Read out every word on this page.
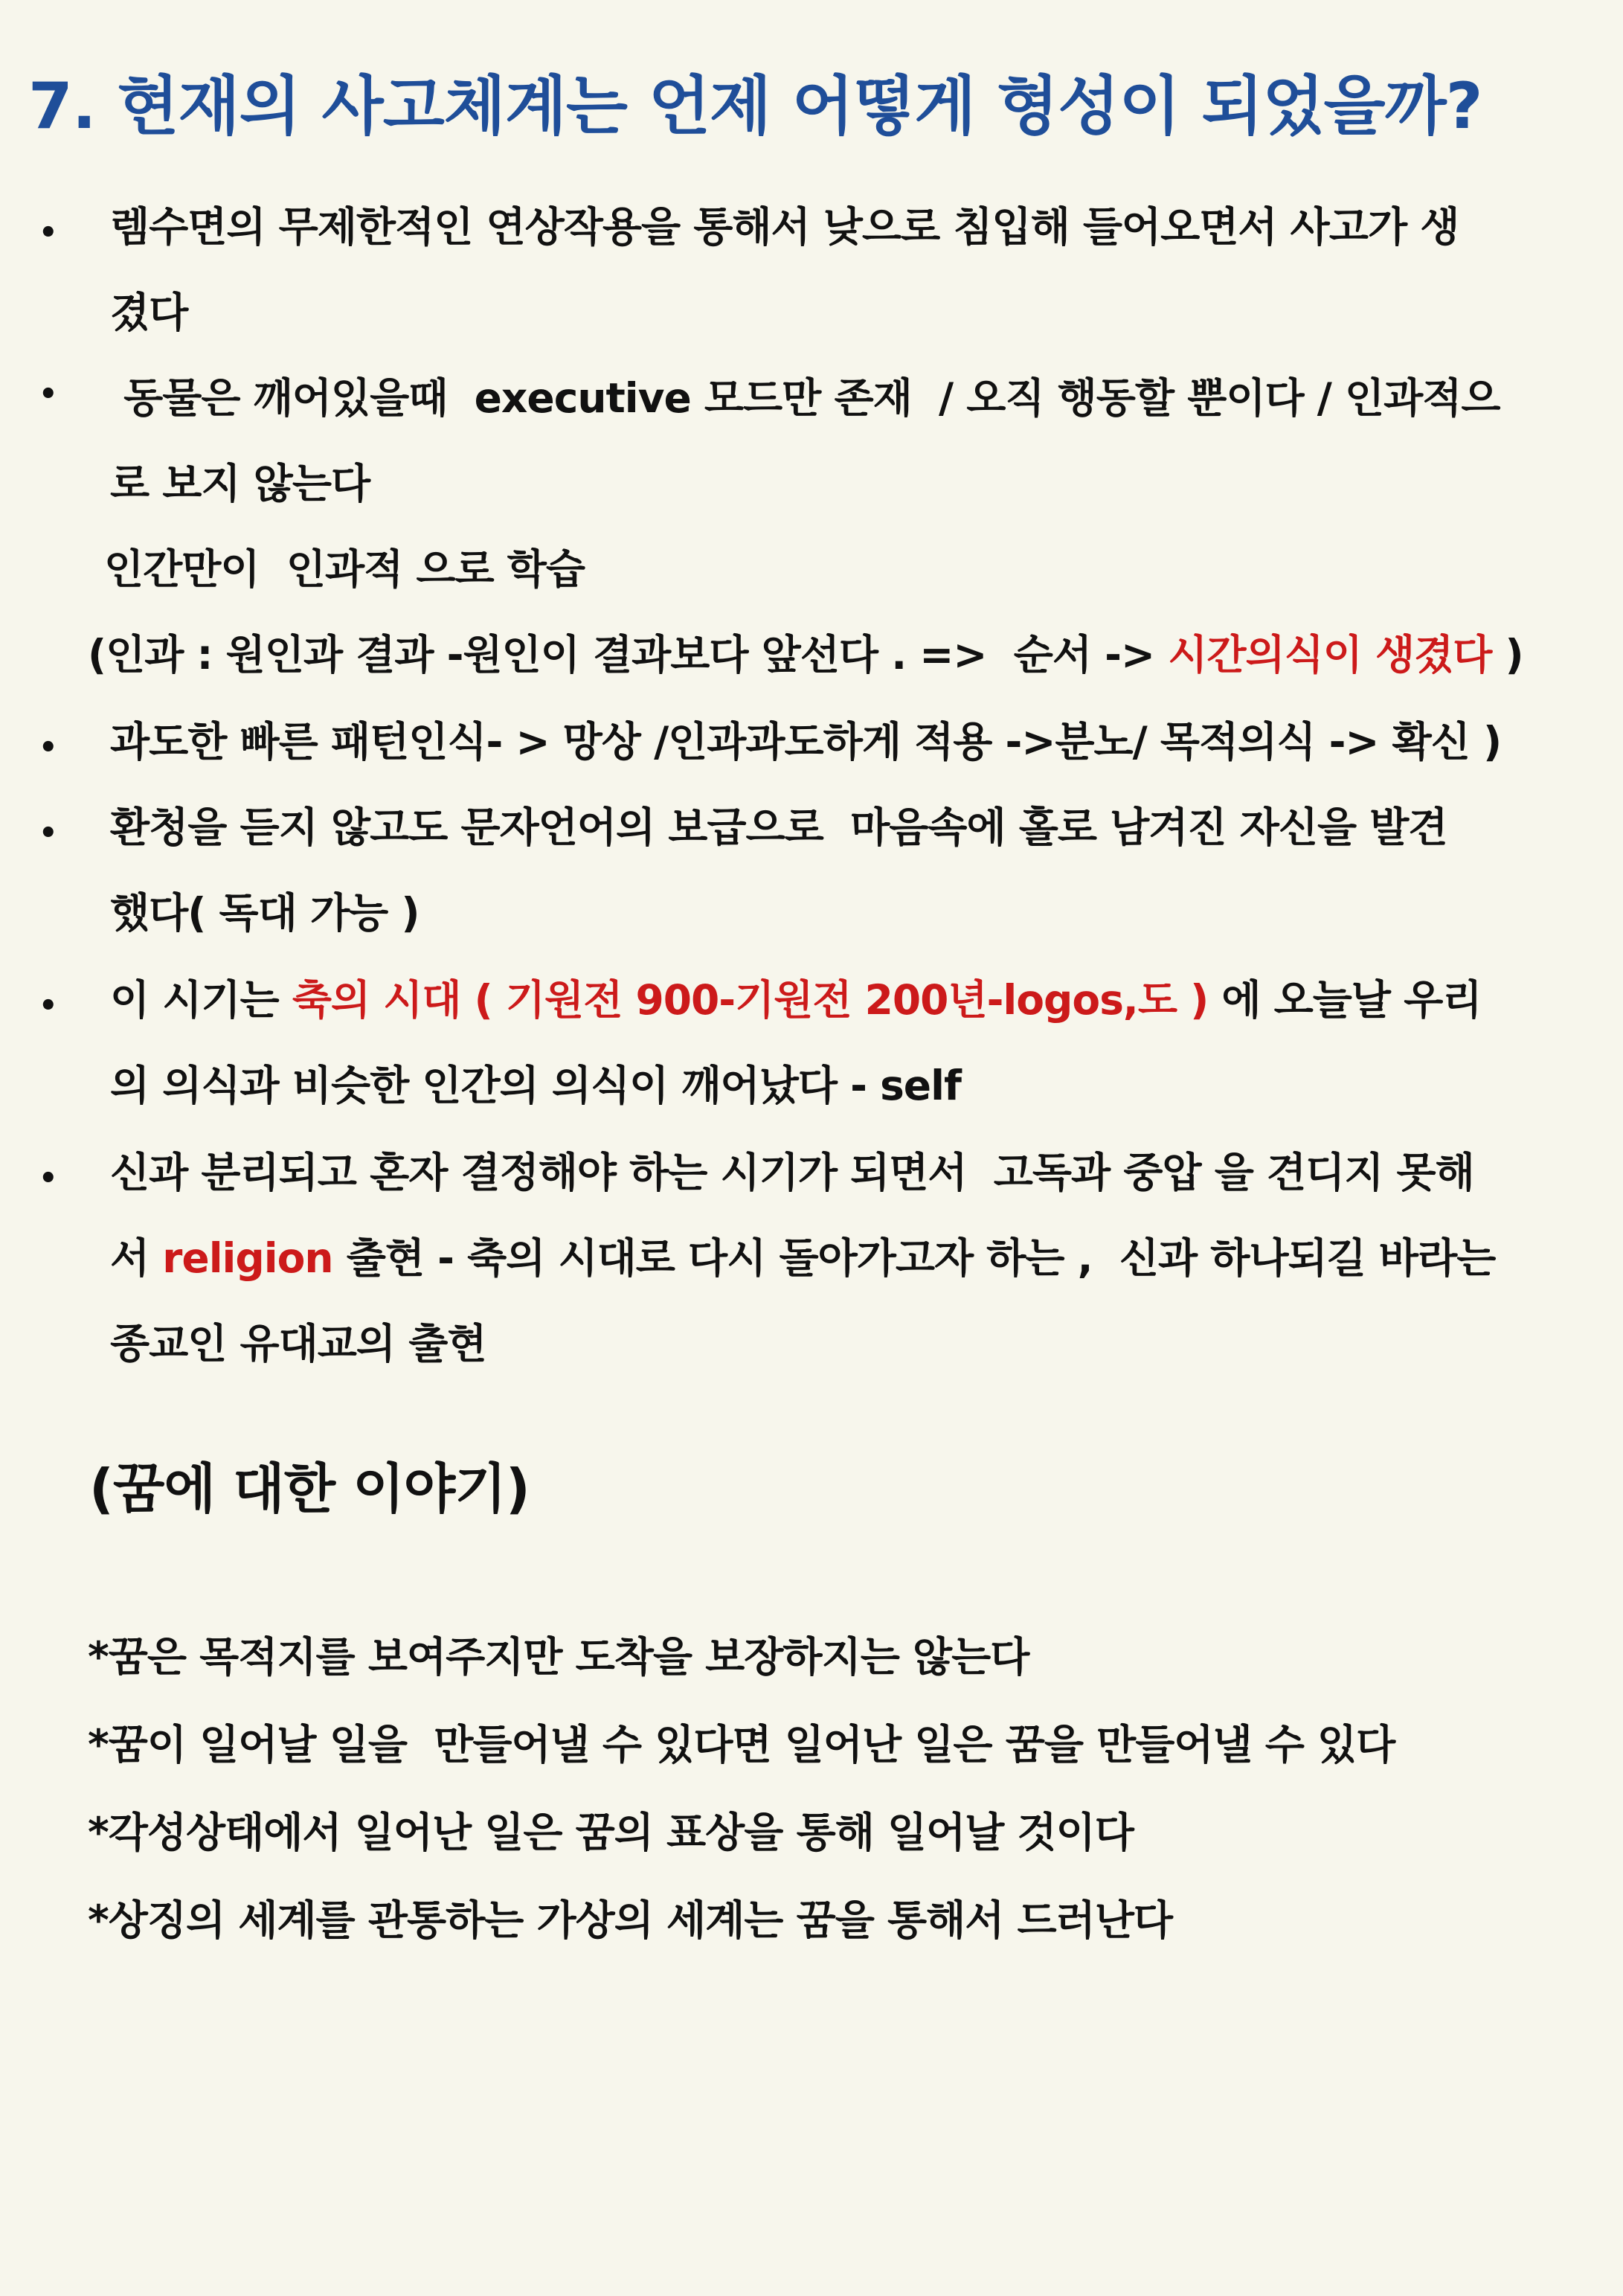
7. 현재의 사고체계는 언제 어떻게 형성이 되었을까?
• 렘수면의 무제한적인 연상작용을 통해서 낮으로 침입해 들어오면서 사고가 생
겼다
• 동물은 깨어있을때  executive 모드만 존재  / 오직 행동할 뿐이다 / 인과적으
로 보지 않는다
인간만이  인과적 으로 학습
(인과 : 원인과 결과 -원인이 결과보다 앞선다 . =>  순서 -> 시간의식이 생겼다 )
• 과도한 빠른 패턴인식- > 망상 /인과과도하게 적용 ->분노/ 목적의식 -> 확신 )
• 환청을 듣지 않고도 문자언어의 보급으로  마음속에 홀로 남겨진 자신을 발견
했다( 독대 가능 )
• 이 시기는 축의 시대 ( 기원전 900-기원전 200년-logos,도 ) 에 오늘날 우리
의 의식과 비슷한 인간의 의식이 깨어났다 - self
• 신과 분리되고 혼자 결정해야 하는 시기가 되면서  고독과 중압 을 견디지 못해
서 religion 출현 - 축의 시대로 다시 돌아가고자 하는 ,  신과 하나되길 바라는
종교인 유대교의 출현
(꿈에 대한 이야기)
*꿈은 목적지를 보여주지만 도착을 보장하지는 않는다
*꿈이 일어날 일을  만들어낼 수 있다면 일어난 일은 꿈을 만들어낼 수 있다
*각성상태에서 일어난 일은 꿈의 표상을 통해 일어날 것이다
*상징의 세계를 관통하는 가상의 세계는 꿈을 통해서 드러난다
